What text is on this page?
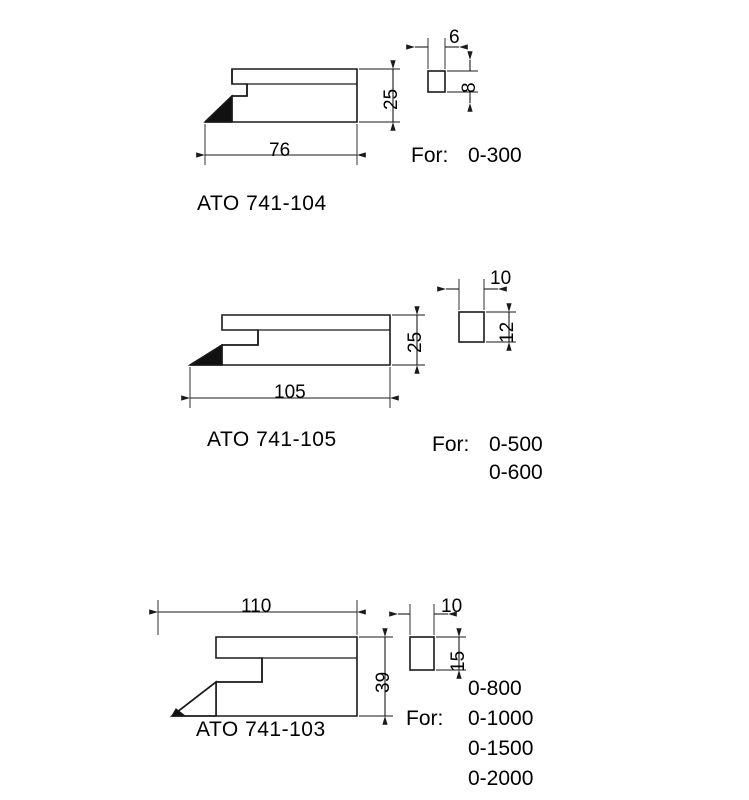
76
25
6
8
ATO 741-104
For: 0-300
105
25
10
12
ATO 741-105	For: 0-500
0-600
110
39
10
15
ATO 741-103	For:
0-800
0-1000
0-1500
0-2000
